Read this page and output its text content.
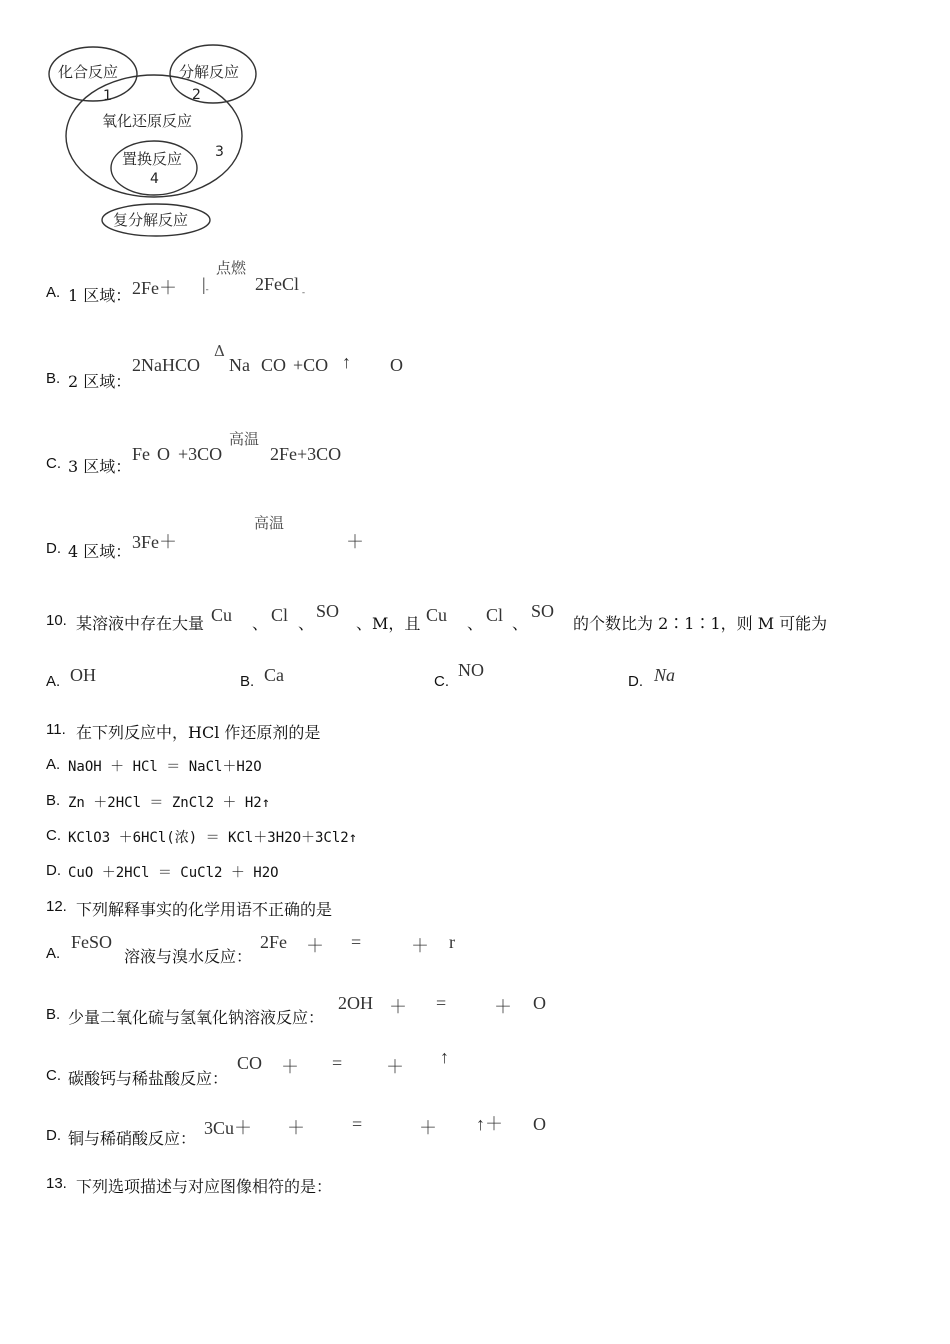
化合反应	分解反应
1	2
氧化还原反应
置换反应 3
4
复分解反应
A. 1 区域： 2Fe＋ |-
点燃
2FeCl -
B. 2 区域：
2NaHCO
Δ
Na CO +CO ↑ O
C. 3 区域：
Fe O +3CO
高温
2Fe+3CO
D. 4 区域： 3Fe＋
高温
＋
10. 某溶液中存在大量 Cu 、 Cl 、
SO
、M，且 Cu 、 Cl 、
SO
的个数比为 2∶1∶1，则 M 可能为
A. OH	B. Ca	C.
NO
D. Na
11. 在下列反应中，HCl 作还原剂的是
A. NaOH ＋ HCl ＝ NaCl＋H2O
B. Zn ＋2HCl ＝ ZnCl2 ＋ H2↑
C. KClO3 ＋6HCl(浓) ＝ KCl＋3H2O＋3Cl2↑
D. CuO ＋2HCl ＝ CuCl2 ＋ H2O
12. 下列解释事实的化学用语不正确的是
A.
FeSO
溶液与溴水反应：
2Fe ＋ =	＋ r
B. 少量二氧化硫与氢氧化钠溶液反应：
2OH ＋ =	＋ O
C. 碳酸钙与稀盐酸反应：
CO ＋ = ＋ ↑
D. 铜与稀硝酸反应：
3Cu＋ ＋	=	＋ ↑＋ O
13. 下列选项描述与对应图像相符的是：
